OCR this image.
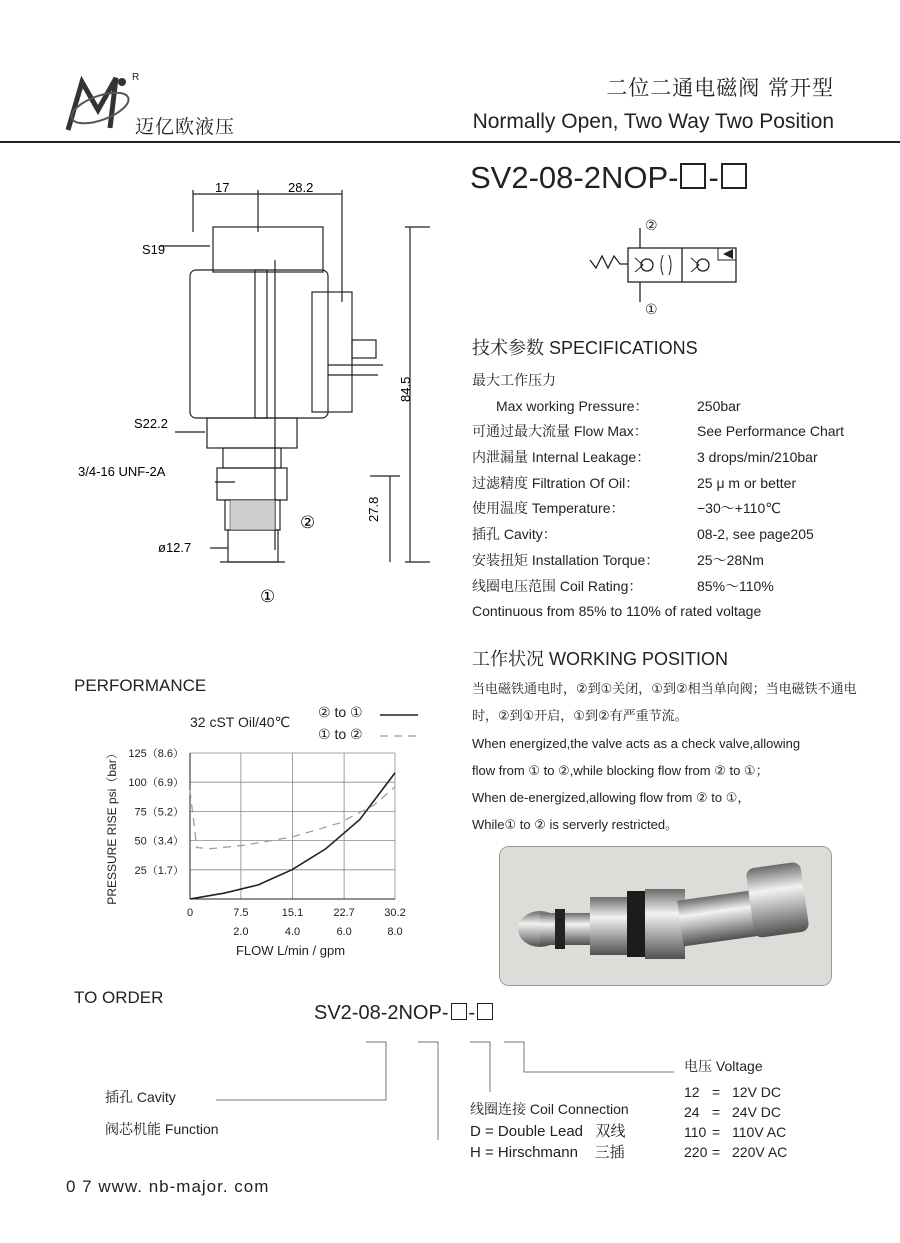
R
迈亿欧液压
二位二通电磁阀 常开型
Normally Open, Two Way Two Position
SV2-08-2NOP- -
②
①
技术参数 SPECIFICATIONS
最大工作压力
Max working Pressure：	250bar
可通过最大流量 Flow Max：	See Performance Chart
内泄漏量 Internal Leakage：	3 drops/min/210bar
过滤精度 Filtration Of Oil：	25 μ m or better
使用温度 Temperature：	−30～+110℃
插孔 Cavity：	08-2, see page205
安装扭矩 Installation Torque：	25～28Nm
线圈电压范围 Coil Rating：	85%～110%
Continuous from 85% to 110% of rated voltage
工作状况 WORKING POSITION
当电磁铁通电时，②到①关闭，①到②相当单向阀；当电磁铁不通电
时，②到①开启，①到②有严重节流。
When energized,the valve acts as a check valve,allowing
flow from ① to ②,while blocking flow from ② to ①；
When de-energized,allowing flow from ② to ①，
While① to ② is serverly restricted。
17	28.2
S19
S22.2
3/4-16 UNF-2A
ø12.7
84.5
27.8
②
①
PERFORMANCE
32 cST Oil/40℃
② to ①
① to ②
125（8.6）
100（6.9）
75（5.2）
50（3.4）
25（1.7）
0	7.5	15.1	22.7	30.2
2.0	4.0	6.0	8.0
FLOW L/min / gpm
PRESSURE RISE psi（bar）
TO ORDER
SV2-08-2NOP- -
插孔 Cavity
阀芯机能 Function
线圈连接 Coil Connection
D = Double Lead   双线
H = Hirschmann    三插
电压 Voltage
12 = 12V DC
24 = 24V DC
110 = 110V AC
220 = 220V AC
0 7 www. nb-major. com
